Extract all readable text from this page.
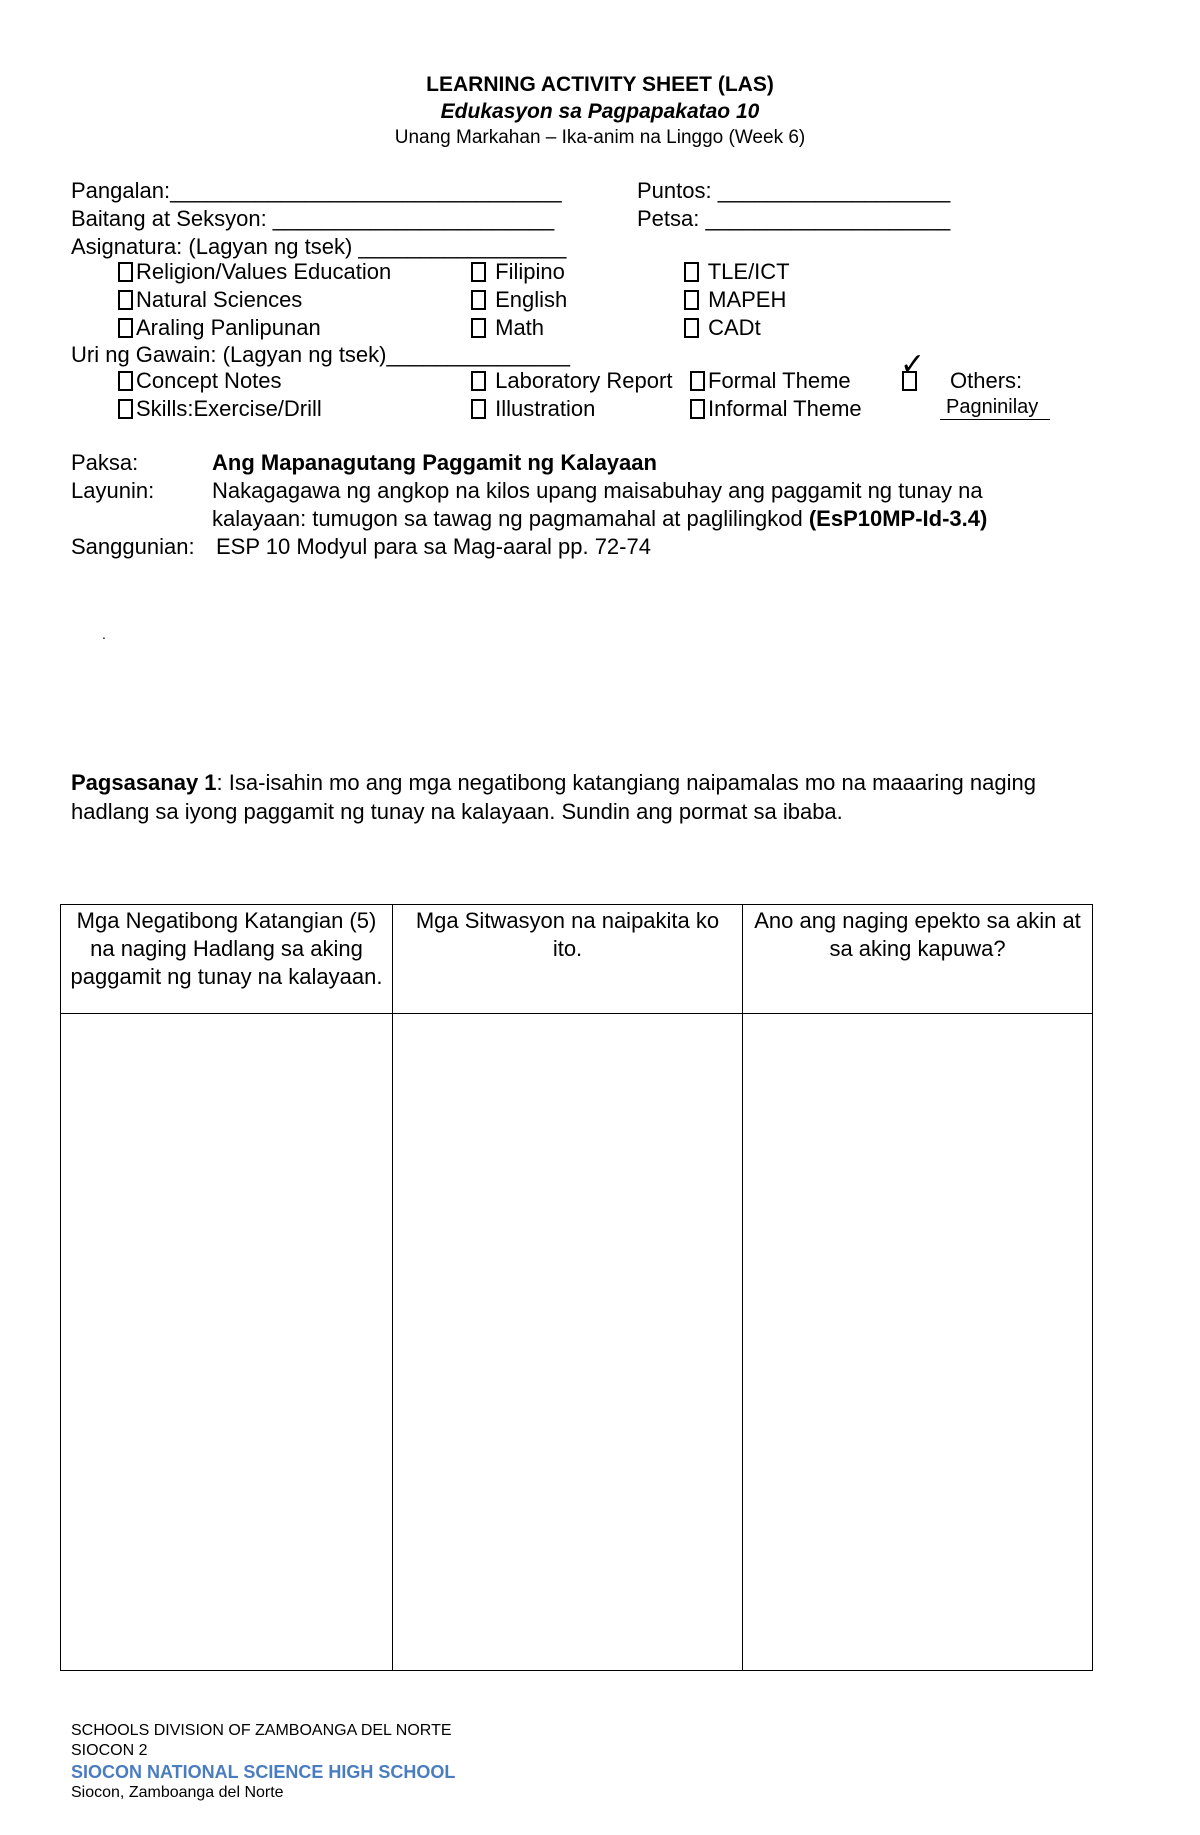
LEARNING ACTIVITY SHEET (LAS)
Edukasyon sa Pagpapakatao 10
Unang Markahan – Ika-anim na Linggo (Week 6)
Pangalan:________________________________	Puntos: ___________________
Baitang at Seksyon: _______________________	Petsa: ____________________
Asignatura: (Lagyan ng tsek) _________________
Religion/Values Education
Natural Sciences
Araling Panlipunan
Filipino
English
Math
TLE/ICT
MAPEH
CADt
Uri ng Gawain: (Lagyan ng tsek)_______________
Concept Notes
Skills:Exercise/Drill
Laboratory Report
Illustration
Formal Theme
Informal Theme
✓ Others:
Pagninilay
Paksa:	Ang Mapanagutang Paggamit ng Kalayaan
Layunin:	Nakagagawa ng angkop na kilos upang maisabuhay ang paggamit ng tunay na
kalayaan: tumugon sa tawag ng pagmamahal at paglilingkod (EsP10MP-Id-3.4)
Sanggunian: ESP 10 Modyul para sa Mag-aaral pp. 72-74
.
Pagsasanay 1: Isa-isahin mo ang mga negatibong katangiang naipamalas mo na maaaring naging
hadlang sa iyong paggamit ng tunay na kalayaan. Sundin ang pormat sa ibaba.
Mga Negatibong Katangian (5) na naging Hadlang sa aking paggamit ng tunay na kalayaan.	Mga Sitwasyon na naipakita ko ito.	Ano ang naging epekto sa akin at sa aking kapuwa?

SCHOOLS DIVISION OF ZAMBOANGA DEL NORTE
SIOCON 2
SIOCON NATIONAL SCIENCE HIGH SCHOOL
Siocon, Zamboanga del Norte
